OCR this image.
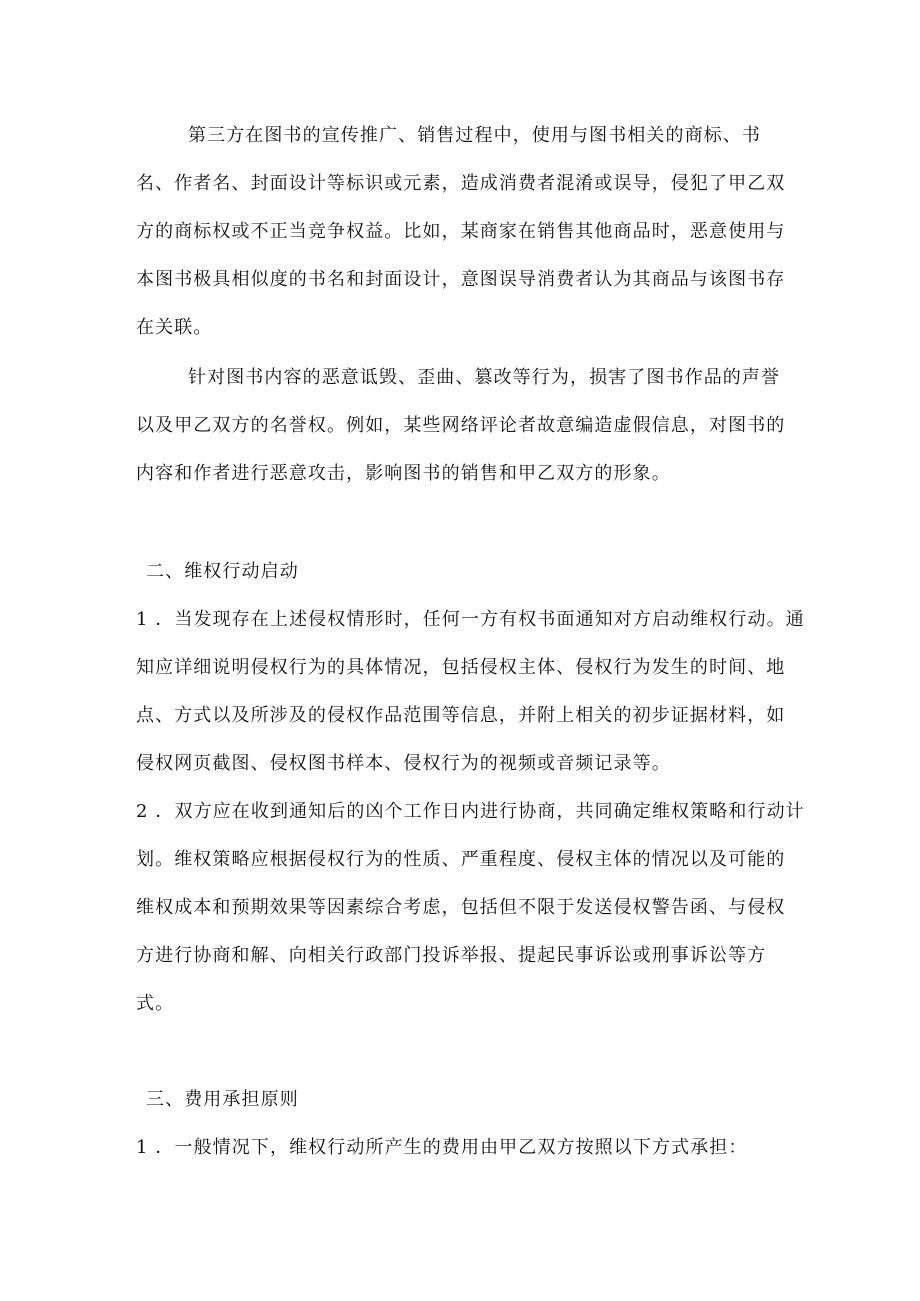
第三方在图书的宣传推广、销售过程中，使用与图书相关的商标、书
名、作者名、封面设计等标识或元素，造成消费者混淆或误导，侵犯了甲乙双
方的商标权或不正当竞争权益。比如，某商家在销售其他商品时，恶意使用与
本图书极具相似度的书名和封面设计，意图误导消费者认为其商品与该图书存
在关联。
针对图书内容的恶意诋毁、歪曲、篡改等行为，损害了图书作品的声誉
以及甲乙双方的名誉权。例如，某些网络评论者故意编造虚假信息，对图书的
内容和作者进行恶意攻击，影响图书的销售和甲乙双方的形象。
二、维权行动启动
1 ．当发现存在上述侵权情形时，任何一方有权书面通知对方启动维权行动。通
知应详细说明侵权行为的具体情况，包括侵权主体、侵权行为发生的时间、地
点、方式以及所涉及的侵权作品范围等信息，并附上相关的初步证据材料，如
侵权网页截图、侵权图书样本、侵权行为的视频或音频记录等。
2 ．双方应在收到通知后的凶个工作日内进行协商，共同确定维权策略和行动计
划。维权策略应根据侵权行为的性质、严重程度、侵权主体的情况以及可能的
维权成本和预期效果等因素综合考虑，包括但不限于发送侵权警告函、与侵权
方进行协商和解、向相关行政部门投诉举报、提起民事诉讼或刑事诉讼等方
式。
三、费用承担原则
1 ．一般情况下，维权行动所产生的费用由甲乙双方按照以下方式承担：
